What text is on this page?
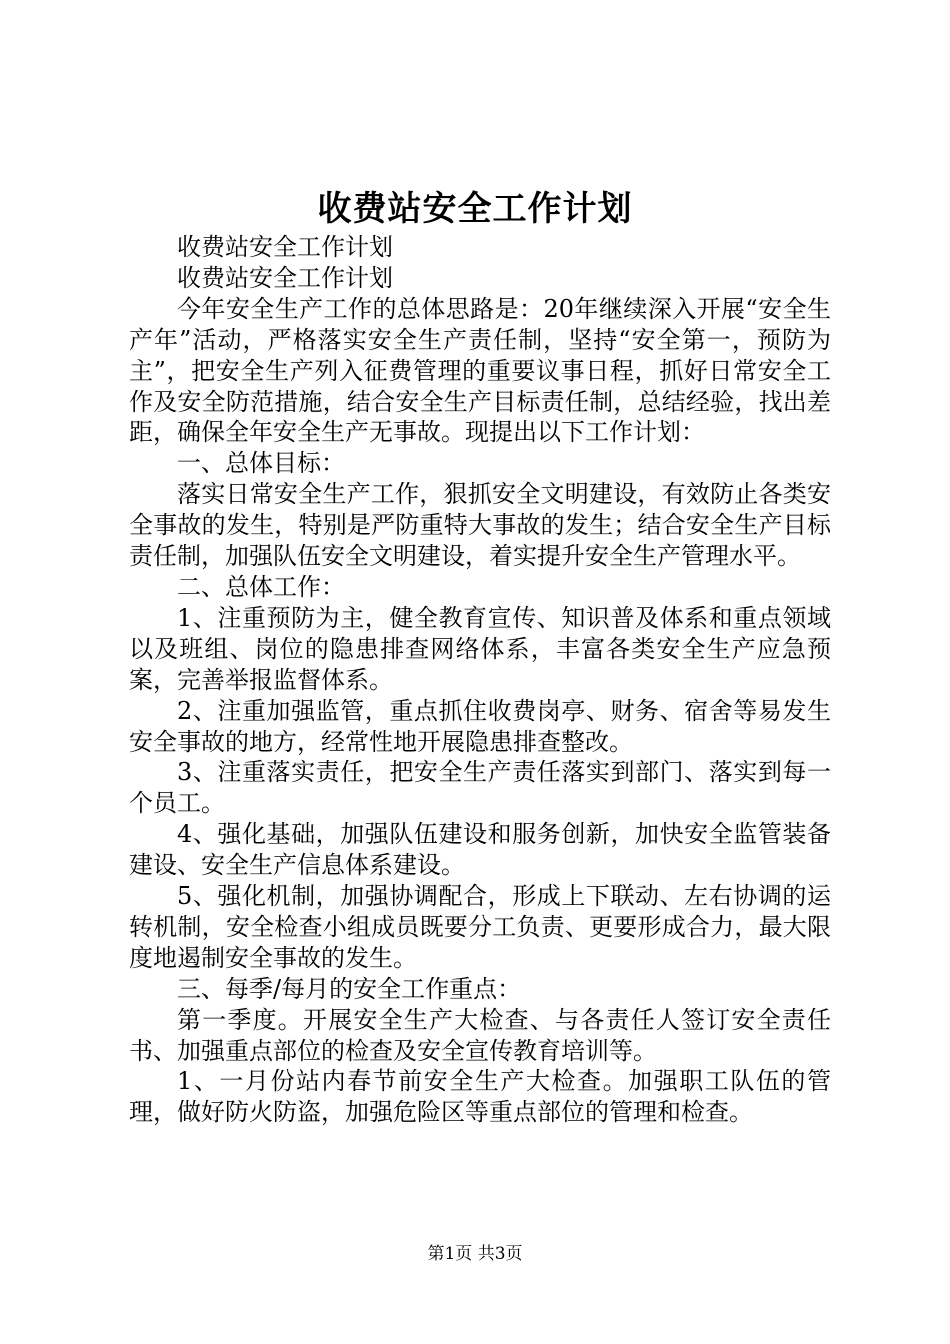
收费站安全工作计划

收费站安全工作计划

收费站安全工作计划

今年安全生产工作的总体思路是：20年继续深入开展“安全生产年”活动，严格落实安全生产责任制，坚持“安全第一，预防为主”，把安全生产列入征费管理的重要议事日程，抓好日常安全工作及安全防范措施，结合安全生产目标责任制，总结经验，找出差距，确保全年安全生产无事故。现提出以下工作计划：

一、总体目标：

落实日常安全生产工作，狠抓安全文明建设，有效防止各类安全事故的发生，特别是严防重特大事故的发生；结合安全生产目标责任制，加强队伍安全文明建设，着实提升安全生产管理水平。

二、总体工作：

1、注重预防为主，健全教育宣传、知识普及体系和重点领域以及班组、岗位的隐患排查网络体系，丰富各类安全生产应急预案，完善举报监督体系。

2、注重加强监管，重点抓住收费岗亭、财务、宿舍等易发生安全事故的地方，经常性地开展隐患排查整改。

3、注重落实责任，把安全生产责任落实到部门、落实到每一个员工。

4、强化基础，加强队伍建设和服务创新，加快安全监管装备建设、安全生产信息体系建设。

5、强化机制，加强协调配合，形成上下联动、左右协调的运转机制，安全检查小组成员既要分工负责、更要形成合力，最大限度地遏制安全事故的发生。

三、每季/每月的安全工作重点：

第一季度。开展安全生产大检查、与各责任人签订安全责任书、加强重点部位的检查及安全宣传教育培训等。

1、一月份站内春节前安全生产大检查。加强职工队伍的管理，做好防火防盗，加强危险区等重点部位的管理和检查。

第1页 共3页
